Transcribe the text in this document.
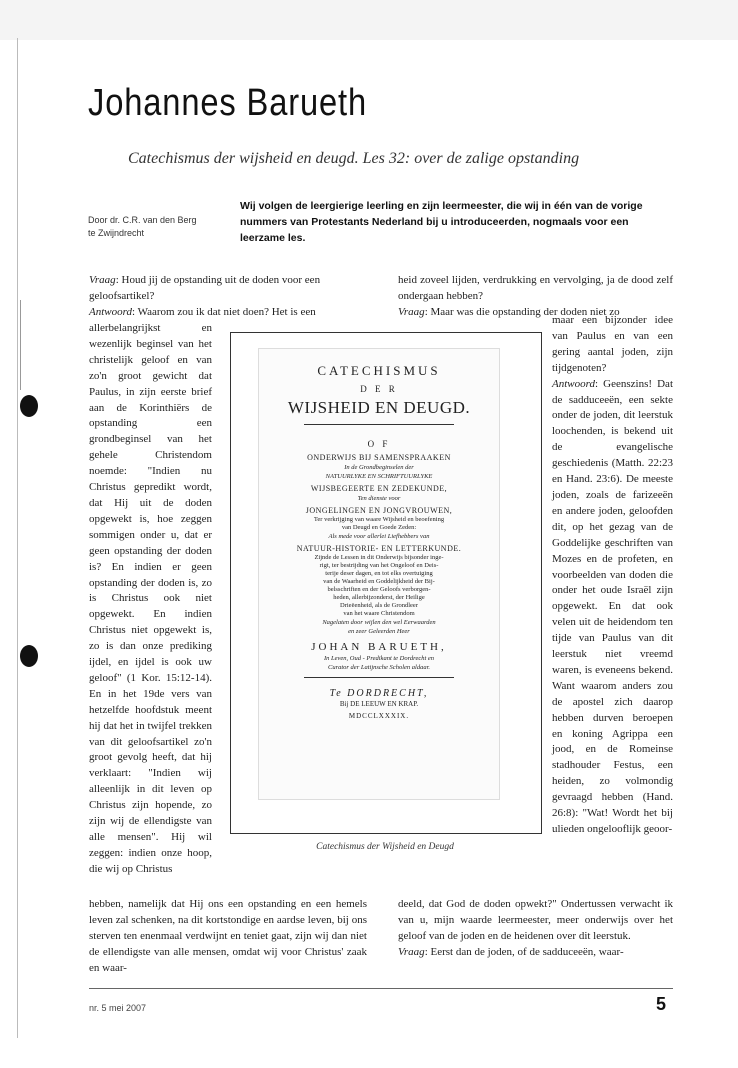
Johannes Barueth
Catechismus der wijsheid en deugd. Les 32: over de zalige opstanding
Door dr. C.R. van den Berg
te Zwijndrecht
Wij volgen de leergierige leerling en zijn leermeester, die wij in één van de vorige nummers van Protestants Nederland bij u introduceerden, nogmaals voor een leerzame les.

Vraag: Houd jij de opstanding uit de doden voor een geloofsartikel?

Antwoord: Waarom zou ik dat niet doen? Het is een

allerbelangrijkst en wezenlijk beginsel van het christelijk geloof en van zo'n groot gewicht dat Paulus, in zijn eerste brief aan de Korinthiërs de opstanding een grondbeginsel van het gehele Christendom noemde: "Indien nu Christus gepredikt wordt, dat Hij uit de doden opgewekt is, hoe zeggen sommigen onder u, dat er geen opstanding der doden is? En indien er geen opstanding der doden is, zo is Christus ook niet opgewekt. En indien Christus niet opgewekt is, zo is dan onze prediking ijdel, en ijdel is ook uw geloof" (1 Kor. 15:12-14). En in het 19de vers van hetzelfde hoofdstuk meent hij dat het in twijfel trekken van dit geloofsartikel zo'n groot gevolg heeft, dat hij verklaart: "Indien wij alleenlijk in dit leven op Christus zijn hopende, zo zijn wij de ellendigste van alle mensen". Hij wil zeggen: indien onze hoop, die wij op Christus
hebben, namelijk dat Hij ons een opstanding en een hemels leven zal schenken, na dit kortstondige en aardse leven, bij ons sterven ten enenmaal verdwijnt en teniet gaat, zijn wij dan niet de ellendigste van alle mensen, omdat wij voor Christus' zaak en waar-

heid zoveel lijden, verdrukking en vervolging, ja de dood zelf ondergaan hebben?

Vraag: Maar was die opstanding der doden niet zo

maar een bijzonder idee van Paulus en van een gering aantal joden, zijn tijdgenoten?

Antwoord: Geenszins! Dat de sadduceeën, een sekte onder de joden, dit leerstuk loochenden, is bekend uit de evangelische geschiedenis (Matth. 22:23 en Hand. 23:6). De meeste joden, zoals de farizeeën en andere joden, geloofden dit, op het gezag van de Goddelijke geschriften van Mozes en de profeten, en voorbeelden van doden die onder het oude Israël zijn opgewekt. En dat ook velen uit de heidendom ten tijde van Paulus van dit leerstuk niet vreemd waren, is eveneens bekend. Want waarom anders zou de apostel zich daarop hebben durven beroepen en koning Agrippa een jood, en de Romeinse stadhouder Festus, een heiden, zo volmondig gevraagd hebben (Hand. 26:8): "Wat! Wordt het bij ulieden ongelooflijk geoor-

deeld, dat God de doden opwekt?" Ondertussen verwacht ik van u, mijn waarde leermeester, meer onderwijs over het geloof van de joden en de heidenen over dit leerstuk.

Vraag: Eerst dan de joden, of de sadduceeën, waar-

CATECHISMUS
D E R
WIJSHEID EN DEUGD.
O F
ONDERWIJS BIJ SAMENSPRAAKEN
In de Grondbeginselen der
NATUURLYKE EN SCHRIFTUURLYKE
WIJSBEGEERTE EN ZEDEKUNDE,
Ten dienste voor
JONGELINGEN EN JONGVROUWEN,
Ter verkrijging van waare Wijsheid en beoefening
van Deugd en Goede Zeden:
Als mede voor allerlei Liefhebbers van
NATUUR-HISTORIE- EN LETTERKUNDE.
Zijnde de Lessen in dit Onderwijs bijsonder inge-
rigt, ter bestrijding van het Ongeloof en Deis-
terije deser dagen, en tot elks overtuiging
van de Waarheid en Goddelijkheid der Bij-
belsschriften en der Geloofs verborgen-
heden, allerbijzonderst, der Heilige
Drieëenheid, als de Grondleer
van het waare Christendom
Nagelaten door wijlen den wel Eerwaarden
en zeer Geleerden Heer
JOHAN BARUETH,
In Leven, Oud - Predikant te Dordrecht en
Curator der Latijnsche Scholen aldaar.
Te DORDRECHT,
Bij DE LEEUW EN KRAP.
MDCCLXXXIX.
Catechismus der Wijsheid en Deugd
nr. 5 mei 2007	5
